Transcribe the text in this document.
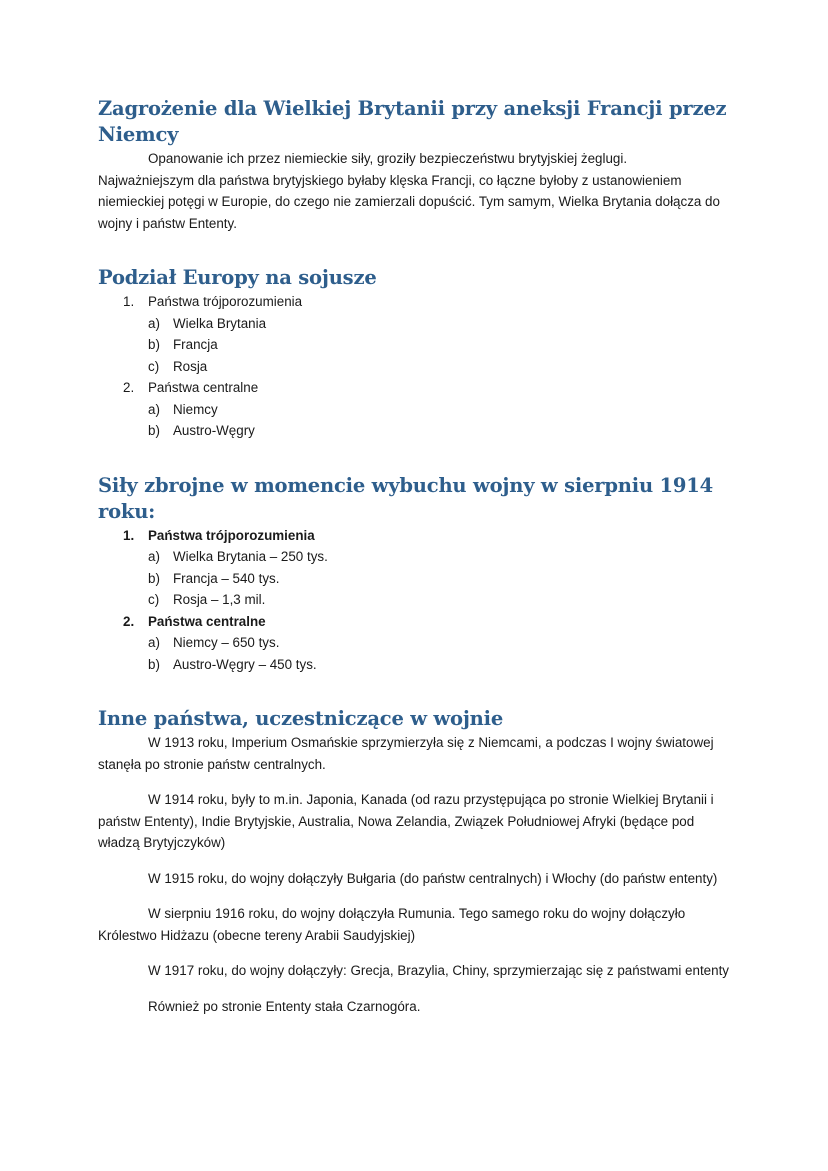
Zagrożenie dla Wielkiej Brytanii przy aneksji Francji przez Niemcy

Opanowanie ich przez niemieckie siły, groziły bezpieczeństwu brytyjskiej żeglugi.
Najważniejszym dla państwa brytyjskiego byłaby klęska Francji, co łączne byłoby z ustanowieniem niemieckiej potęgi w Europie, do czego nie zamierzali dopuścić. Tym samym, Wielka Brytania dołącza do wojny i państw Ententy.

Podział Europy na sojusze
1. Państwa trójporozumienia
a) Wielka Brytania
b) Francja
c) Rosja
2. Państwa centralne
a) Niemcy
b) Austro-Węgry
Siły zbrojne w momencie wybuchu wojny w sierpniu 1914 roku:
1. Państwa trójporozumienia
a) Wielka Brytania – 250 tys.
b) Francja – 540 tys.
c) Rosja – 1,3 mil.
2. Państwa centralne
a) Niemcy – 650 tys.
b) Austro-Węgry – 450 tys.
Inne państwa, uczestniczące w wojnie

W 1913 roku, Imperium Osmańskie sprzymierzyła się z Niemcami, a podczas I wojny światowej stanęła po stronie państw centralnych.

W 1914 roku, były to m.in. Japonia, Kanada (od razu przystępująca po stronie Wielkiej Brytanii i państw Ententy), Indie Brytyjskie, Australia, Nowa Zelandia, Związek Południowej Afryki (będące pod władzą Brytyjczyków)

W 1915 roku, do wojny dołączyły Bułgaria (do państw centralnych) i Włochy (do państw ententy)

W sierpniu 1916 roku, do wojny dołączyła Rumunia. Tego samego roku do wojny dołączyło Królestwo Hidżazu (obecne tereny Arabii Saudyjskiej)

W 1917 roku, do wojny dołączyły: Grecja, Brazylia, Chiny, sprzymierzając się z państwami ententy

Również po stronie Ententy stała Czarnogóra.
